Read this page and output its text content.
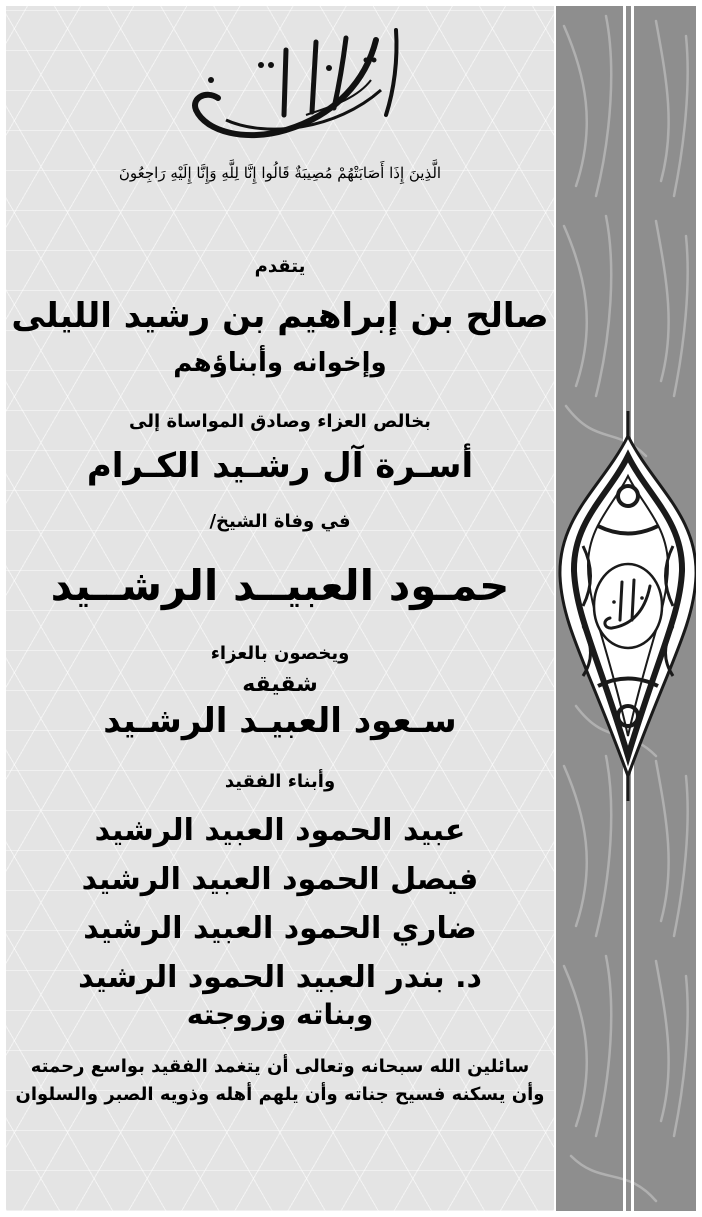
الَّذِينَ إِذَا أَصَابَتْهُمْ مُصِيبَةٌ قَالُوا إِنَّا لِلَّهِ وَإِنَّا إِلَيْهِ رَاجِعُونَ
يتقدم
صالح بن إبراهيم بن رشيد الليلى
وإخوانه وأبناؤهم
بخالص العزاء وصادق المواساة إلى
أسـرة آل رشـيد الكـرام
في وفاة الشيخ/
حمـود العبيــد الرشــيد
ويخصون بالعزاء
شقيقه
سـعود العبيـد الرشـيد
وأبناء الفقيد
عبيد الحمود العبيد الرشيد
فيصل الحمود العبيد الرشيد
ضاري الحمود العبيد الرشيد
د. بندر العبيد الحمود الرشيد
وبناته وزوجته
سائلين الله سبحانه وتعالى أن يتغمد الفقيد بواسع رحمته
وأن يسكنه فسيح جناته وأن يلهم أهله وذويه الصبر والسلوان
